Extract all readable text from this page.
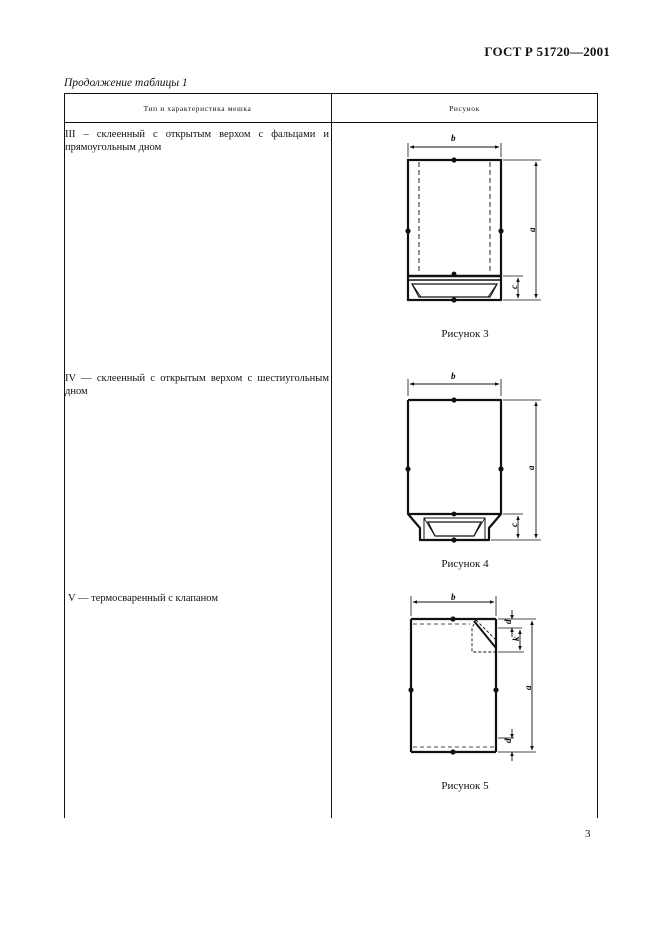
ГОСТ Р 51720—2001
Продолжение таблицы 1
Тип и характеристика мешка	Рисунок
III – склеенный с открытым верхом с фальцами и прямоугольным дном
IV — склеенный с открытым верхом с шестиугольным дном
V — термосваренный с клапаном
b
a
c
b
a
c
b
a
k
d
d
Рисунок 3
Рисунок 4
Рисунок 5
3
